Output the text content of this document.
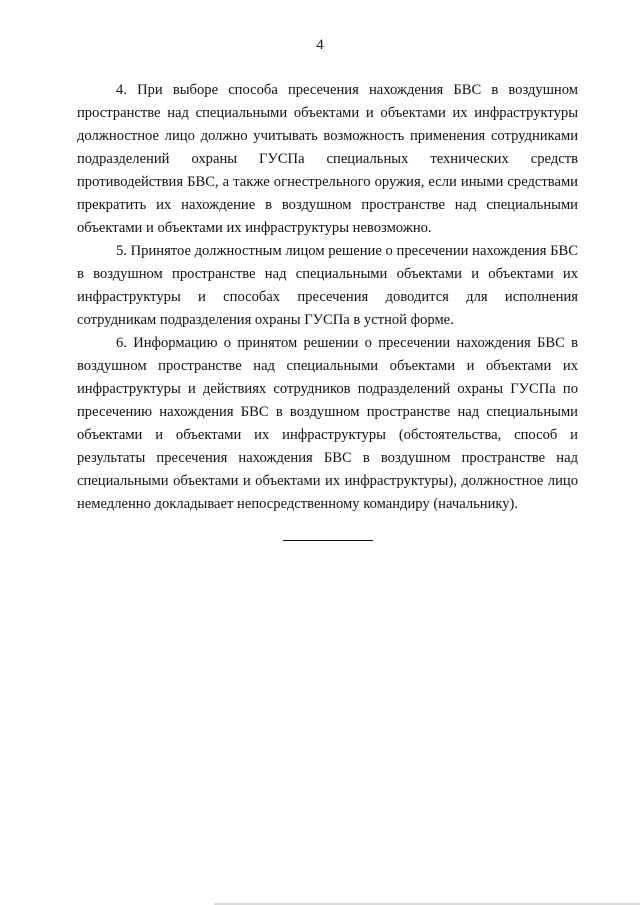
4

4. При выборе способа пресечения нахождения БВС в воздушном пространстве над специальными объектами и объектами их инфраструктуры должностное лицо должно учитывать возможность применения сотрудниками подразделений охраны ГУСПа специальных технических средств противодействия БВС, а также огнестрельного оружия, если иными средствами прекратить их нахождение в воздушном пространстве над специальными объектами и объектами их инфраструктуры невозможно.

5. Принятое должностным лицом решение о пресечении нахождения БВС в воздушном пространстве над специальными объектами и объектами их инфраструктуры и способах пресечения доводится для исполнения сотрудникам подразделения охраны ГУСПа в устной форме.

6. Информацию о принятом решении о пресечении нахождения БВС в воздушном пространстве над специальными объектами и объектами их инфраструктуры и действиях сотрудников подразделений охраны ГУСПа по пресечению нахождения БВС в воздушном пространстве над специальными объектами и объектами их инфраструктуры (обстоятельства, способ и результаты пресечения нахождения БВС в воздушном пространстве над специальными объектами и объектами их инфраструктуры), должностное лицо немедленно докладывает непосредственному командиру (начальнику).
